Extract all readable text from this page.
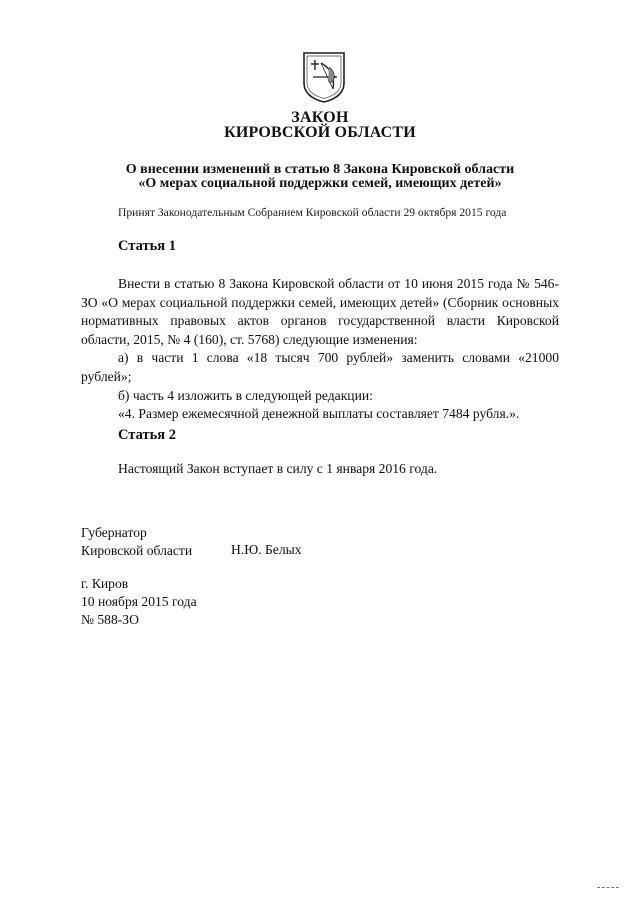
ЗАКОН
КИРОВСКОЙ ОБЛАСТИ
О внесении изменений в статью 8 Закона Кировской области
«О мерах социальной поддержки семей, имеющих детей»
Принят Законодательным Собранием Кировской области 29 октября 2015 года
Статья 1

Внести в статью 8 Закона Кировской области от 10 июня 2015 года № 546-ЗО «О мерах социальной поддержки семей, имеющих детей» (Сборник основных нормативных правовых актов органов государственной власти Кировской области, 2015, № 4 (160), ст. 5768) следующие изменения:

а) в части 1 слова «18 тысяч 700 рублей» заменить словами «21000 рублей»;

б) часть 4 изложить в следующей редакции:

«4. Размер ежемесячной денежной выплаты составляет 7484 рубля.».

Статья 2

Настоящий Закон вступает в силу с 1 января 2016 года.

Губернатор
Кировской области	Н.Ю. Белых
г. Киров
10 ноября 2015 года
№ 588-ЗО
